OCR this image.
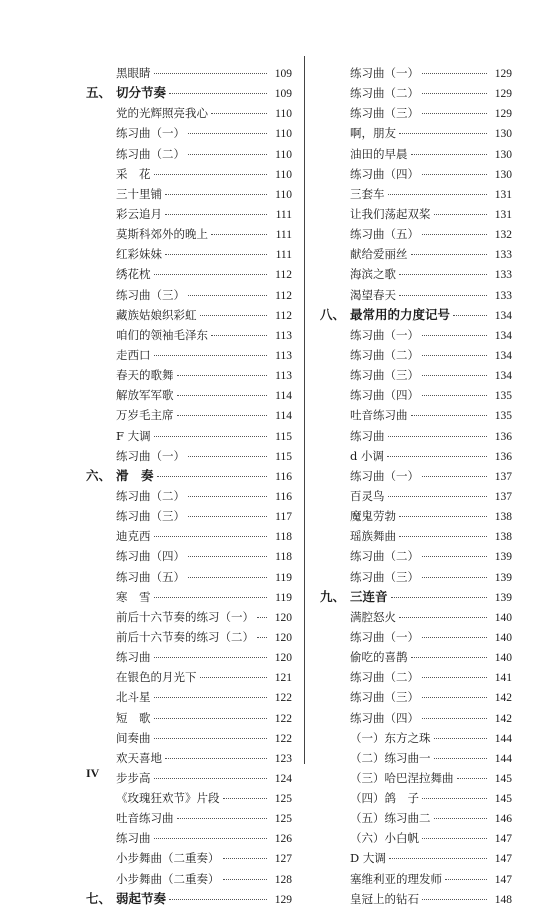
黑眼睛	109
五、 切分节奏	109
党的光辉照亮我心	110
练习曲（一）	110
练习曲（二）	110
采　花	110
三十里铺	110
彩云追月	111
莫斯科郊外的晚上	111
红彩妹妹	111
绣花枕	112
练习曲（三）	112
藏族姑娘织彩虹	112
咱们的领袖毛泽东	113
走西口	113
春天的歌舞	113
解放军军歌	114
万岁毛主席	114
F 大调	115
练习曲（一）	115
六、 滑　奏	116
练习曲（二）	116
练习曲（三）	117
迪克西	118
练习曲（四）	118
练习曲（五）	119
寒　雪	119
前后十六节奏的练习（一）	120
前后十六节奏的练习（二）	120
练习曲	120
在银色的月光下	121
北斗星	122
短　歌	122
间奏曲	122
欢天喜地	123
步步高	124
《玫瑰狂欢节》片段	125
吐音练习曲	125
练习曲	126
小步舞曲（二重奏）	127
小步舞曲（二重奏）	128
七、 弱起节奏	129
练习曲（一）	129
练习曲（二）	129
练习曲（三）	129
啊，朋友	130
油田的早晨	130
练习曲（四）	130
三套车	131
让我们荡起双桨	131
练习曲（五）	132
献给爱丽丝	133
海滨之歌	133
渴望春天	133
八、 最常用的力度记号	134
练习曲（一）	134
练习曲（二）	134
练习曲（三）	134
练习曲（四）	135
吐音练习曲	135
练习曲	136
d 小调	136
练习曲（一）	137
百灵鸟	137
魔鬼劳勃	138
瑶族舞曲	138
练习曲（二）	139
练习曲（三）	139
九、 三连音	139
满腔怒火	140
练习曲（一）	140
偷吃的喜鹊	140
练习曲（二）	141
练习曲（三）	142
练习曲（四）	142
（一）东方之珠	144
（二）练习曲一	144
（三）哈巴涅拉舞曲	145
（四）鸽　子	145
（五）练习曲二	146
（六）小白帆	147
D 大调	147
塞维利亚的理发师	147
皇冠上的钻石	148
IV
